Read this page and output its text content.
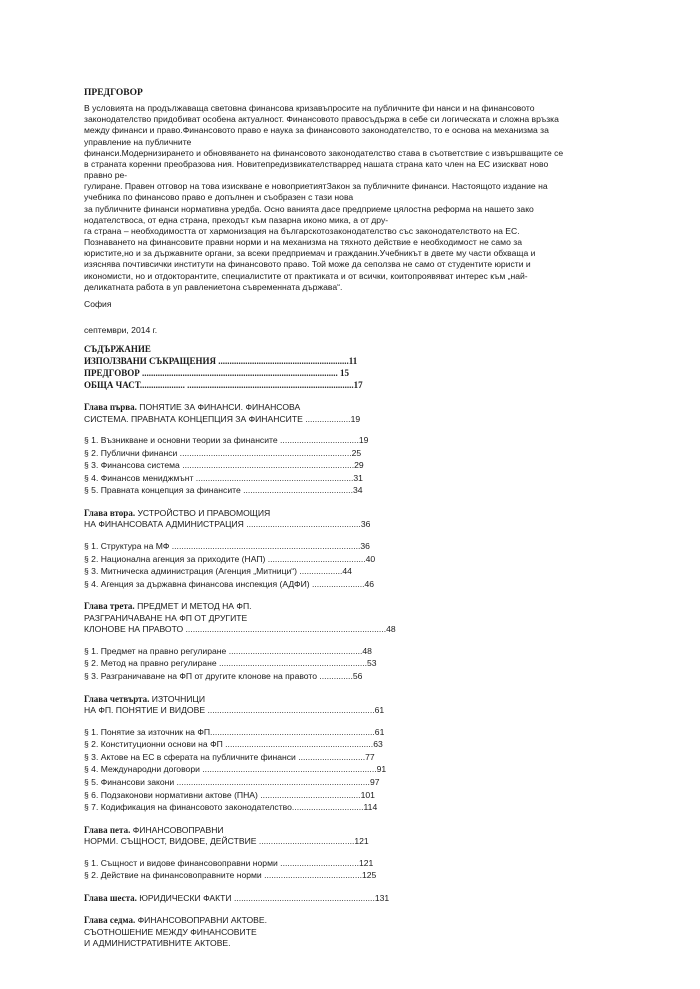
ПРЕДГОВОР
В условията на продължаваща световна финансова кризавъпросите на публичните фи нанси и на финансовото
законодателство придобиват особена актуалност. Финансовото правосъдържа в себе си логическата и сложна връзка
между финанси и право.Финансовото право е наука за финансовото законодателство, то е основа на механизма за
управление на публичните
финанси.Модернизирането и обновяването на финансовото законодателство става в съответствие с извършващите се
в страната коренни преобразова ния. Новитепредизвикателстваpред нашата страна като член на ЕС изискват ново
правно ре-
гулиране. Правен отговор на това изискване е новоприетиятЗакон за публичните финанси. Настоящото издание на
учебника по финансово право е допълнен и съобразен с тази нова
за публичните финанси нормативна уредба. Осно ванията дасе предприеме цялостна реформа на нашето зако
нодателствоса, от една страна, преходът към пазарна иконо мика, а от дру-
га страна – необходимостта от хармонизация на българскотозаконодателство със законодателството на ЕС.
Познаването на финансовите правни норми и на механизма на тяхното действие е необходимост не само за
юристите,но и за държавните органи, за всеки предприемач и гражданин.Учебникът в двете му части обхваща и
изяснява почтивсички институти на финансовото право. Той може да сеползва не само от студентите юристи и
икономисти, но и отдокторантите, специалистите от практиката и от всички, коитопроявяват интерес към „най-
деликатната работа в уп равлениетона съвременната държава“.
София
септември, 2014 г.
СЪДЪРЖАНИЕ
ИЗПОЛЗВАНИ СЪКРАЩЕНИЯ ..........................................................11
ПРЕДГОВОР ....................................................................................... 15
ОБЩА ЧАСТ.................... ..........................................................................17
Глава първа. ПОНЯТИЕ ЗА ФИНАНСИ. ФИНАНСОВА
СИСТЕМА. ПРАВНАТА КОНЦЕПЦИЯ ЗА ФИНАНСИТЕ ...................19
§ 1. Възникване и основни теории за финансите .................................19
§ 2. Публични финанси ........................................................................25
§ 3. Финансова система ........................................................................29
§ 4. Финансов мениджмънт ..................................................................31
§ 5. Правната концепция за финансите ..............................................34
Глава втора. УСТРОЙСТВО И ПРАВОМОЩИЯ
НА ФИНАНСОВАТА АДМИНИСТРАЦИЯ ................................................36
§ 1. Структура на МФ ...............................................................................36
§ 2. Национална агенция за приходите (НАП) .........................................40
§ 3. Митническа администрация (Агенция „Митници“) ..................44
§ 4. Агенция за държавна финансова инспекция (АДФИ) ......................46
Глава трета. ПРЕДМЕТ И МЕТОД НА ФП.
РАЗГРАНИЧАВАНЕ НА ФП ОТ ДРУГИТЕ
КЛОНОВЕ НА ПРАВОТО ....................................................................................48
§ 1. Предмет на правно регулиране ........................................................48
§ 2. Метод на правно регулиране ..............................................................53
§ 3. Разграничаване на ФП от другите клонове на правото ..............56
Глава четвърта. ИЗТОЧНИЦИ
НА ФП. ПОНЯТИЕ И ВИДОВЕ ......................................................................61
§ 1. Понятие за източник на ФП.....................................................................61
§ 2. Конституционни основи на ФП ..............................................................63
§ 3. Актове на ЕС в сферата на публичните финанси ............................77
§ 4. Международни договори .........................................................................91
§ 5. Финансови закони .................................................................................97
§ 6. Подзаконови нормативни актове (ПНА) ..........................................101
§ 7. Кодификация на финансовото законодателство..............................114
Глава пета. ФИНАНСОВОПРАВНИ
НОРМИ. СЪЩНОСТ, ВИДОВЕ, ДЕЙСТВИЕ ........................................121
§ 1. Същност и видове финансовоправни норми .................................121
§ 2. Действие на финансовоправните норми .........................................125
Глава шеста. ЮРИДИЧЕСКИ ФАКТИ ...........................................................131
Глава седма. ФИНАНСОВОПРАВНИ АКТОВЕ.
СЪОТНОШЕНИЕ МЕЖДУ ФИНАНСОВИТЕ
И АДМИНИСТРАТИВНИТЕ АКТОВЕ.
